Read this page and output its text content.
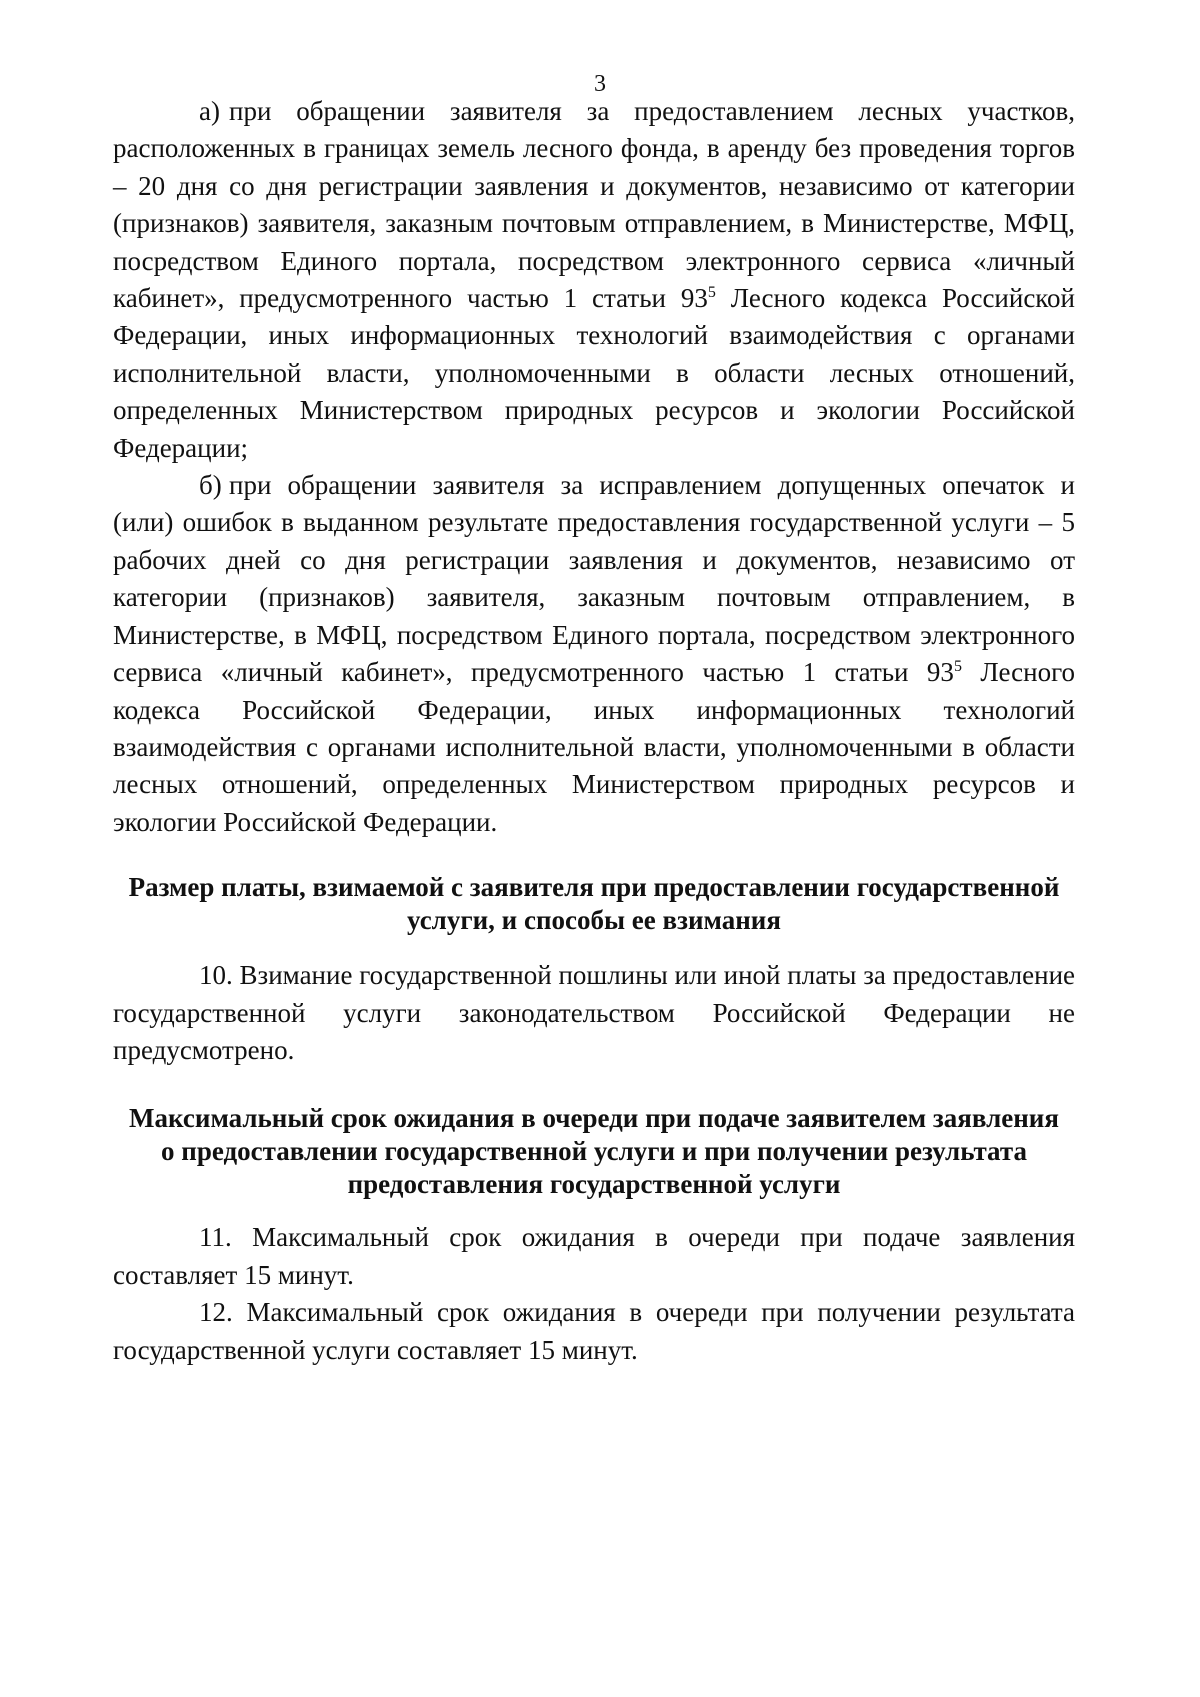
3

а) при обращении заявителя за предоставлением лесных участков, расположенных в границах земель лесного фонда, в аренду без проведения торгов – 20 дня со дня регистрации заявления и документов, независимо от категории (признаков) заявителя, заказным почтовым отправлением, в Министерстве, МФЦ, посредством Единого портала, посредством электронного сервиса «личный кабинет», предусмотренного частью 1 статьи $93^5$ Лесного кодекса Российской Федерации, иных информационных технологий взаимодействия с органами исполнительной власти, уполномоченными в области лесных отношений, определенных Министерством природных ресурсов и экологии Российской Федерации;

б) при обращении заявителя за исправлением допущенных опечаток и (или) ошибок в выданном результате предоставления государственной услуги – 5 рабочих дней со дня регистрации заявления и документов, независимо от категории (признаков) заявителя, заказным почтовым отправлением, в Министерстве, в МФЦ, посредством Единого портала, посредством электронного сервиса «личный кабинет», предусмотренного частью 1 статьи $93^5$ Лесного кодекса Российской Федерации, иных информационных технологий взаимодействия с органами исполнительной власти, уполномоченными в области лесных отношений, определенных Министерством природных ресурсов и экологии Российской Федерации.

Размер платы, взимаемой с заявителя при предоставлении государственной
услуги, и способы ее взимания

10. Взимание государственной пошлины или иной платы за предоставление государственной услуги законодательством Российской Федерации не предусмотрено.

Максимальный срок ожидания в очереди при подаче заявителем заявления
о предоставлении государственной услуги и при получении результата
предоставления государственной услуги

11. Максимальный срок ожидания в очереди при подаче заявления составляет 15 минут.

12. Максимальный срок ожидания в очереди при получении результата государственной услуги составляет 15 минут.
